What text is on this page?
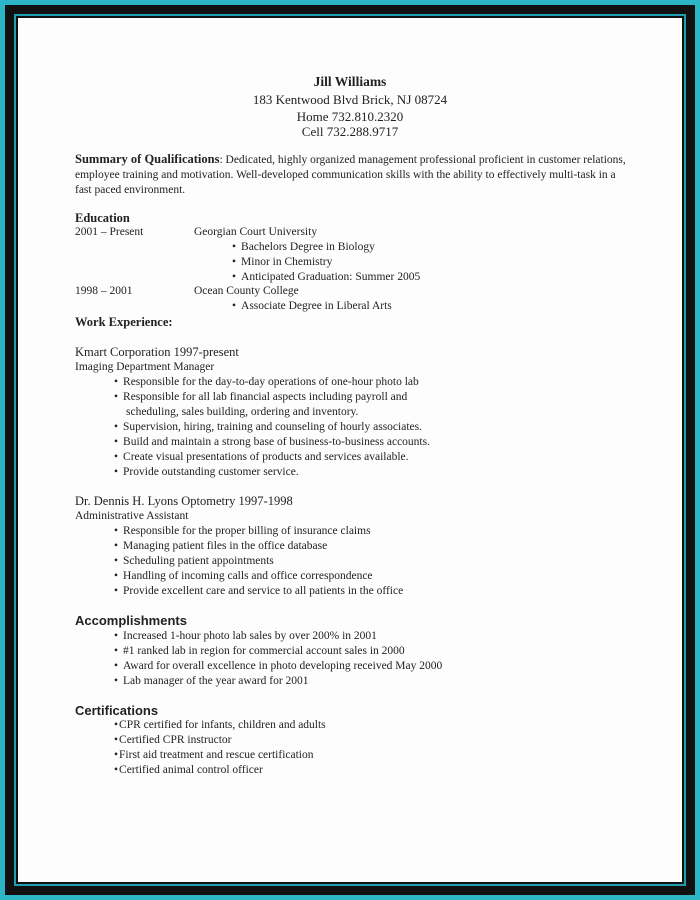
Jill Williams
183 Kentwood Blvd Brick, NJ 08724
Home 732.810.2320
Cell 732.288.9717
Summary of Qualifications: Dedicated, highly organized management professional proficient in customer relations, employee training and motivation. Well-developed communication skills with the ability to effectively multi-task in a fast paced environment.
Education
2001 – Present	Georgian Court University
• Bachelors Degree in Biology
• Minor in Chemistry
• Anticipated Graduation: Summer 2005
1998 – 2001	Ocean County College
• Associate Degree in Liberal Arts
Work Experience:
Kmart Corporation 1997-present
Imaging Department Manager
• Responsible for the day-to-day operations of one-hour photo lab
• Responsible for all lab financial aspects including payroll and
scheduling, sales building, ordering and inventory.
• Supervision, hiring, training and counseling of hourly associates.
• Build and maintain a strong base of business-to-business accounts.
• Create visual presentations of products and services available.
• Provide outstanding customer service.
Dr. Dennis H. Lyons Optometry 1997-1998
Administrative Assistant
• Responsible for the proper billing of insurance claims
• Managing patient files in the office database
• Scheduling patient appointments
• Handling of incoming calls and office correspondence
• Provide excellent care and service to all patients in the office
Accomplishments
• Increased 1-hour photo lab sales by over 200% in 2001
• #1 ranked lab in region for commercial account sales in 2000
• Award for overall excellence in photo developing received May 2000
• Lab manager of the year award for 2001
Certifications
• CPR certified for infants, children and adults
• Certified CPR instructor
• First aid treatment and rescue certification
• Certified animal control officer
